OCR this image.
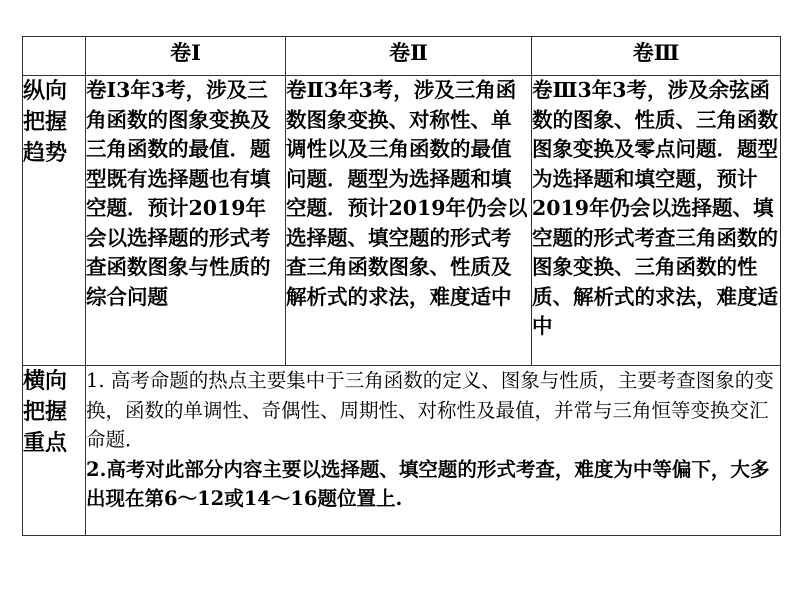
	卷Ⅰ	卷Ⅱ	卷Ⅲ

纵向
把握
趋势	卷Ⅰ3年3考，涉及三角函数的图象变换及三角函数的最值．题型既有选择题也有填空题．预计2019年会以选择题的形式考查函数图象与性质的综合问题	卷Ⅱ3年3考，涉及三角函数图象变换、对称性、单调性以及三角函数的最值问题．题型为选择题和填空题．预计2019年仍会以选择题、填空题的形式考查三角函数图象、性质及解析式的求法，难度适中	卷Ⅲ3年3考，涉及余弦函数的图象、性质、三角函数图象变换及零点问题．题型为选择题和填空题，预计2019年仍会以选择题、填空题的形式考查三角函数的图象变换、三角函数的性质、解析式的求法，难度适中

横向
把握
重点	1. 高考命题的热点主要集中于三角函数的定义、图象与性质，主要考查图象的变换，函数的单调性、奇偶性、周期性、对称性及最值，并常与三角恒等变换交汇命题．
2.高考对此部分内容主要以选择题、填空题的形式考查，难度为中等偏下，大多出现在第6～12或14～16题位置上.		
